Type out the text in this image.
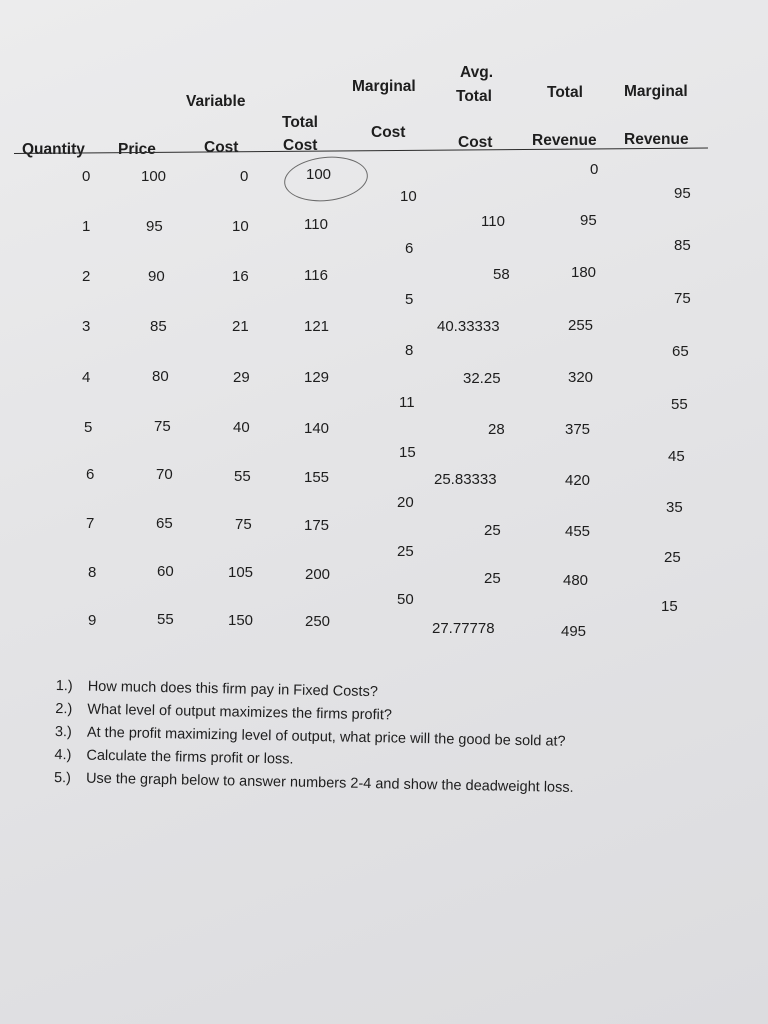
Variable
Cost
Total
Cost
Marginal
Cost
Avg.
Total
Cost
Total
Revenue
Marginal
Revenue
Quantity Price
0
1
2
3
4
5
6
7
8
9
100
95
90
85
80
75
70
65
60
55
0
10
16
21
29
40
55
75
105
150
100
110
116
121
129
140
155
175
200
250
10
6
5
8
11
15
20
25
50
110
58
40.33333
32.25
28
25.83333
25
25
27.77778
0
95
180
255
320
375
420
455
480
495
95
85
75
65
55
45
35
25
15
1.) How much does this firm pay in Fixed Costs?
2.) What level of output maximizes the firms profit?
3.) At the profit maximizing level of output, what price will the good be sold at?
4.) Calculate the firms profit or loss.
5.) Use the graph below to answer numbers 2-4 and show the deadweight loss.
